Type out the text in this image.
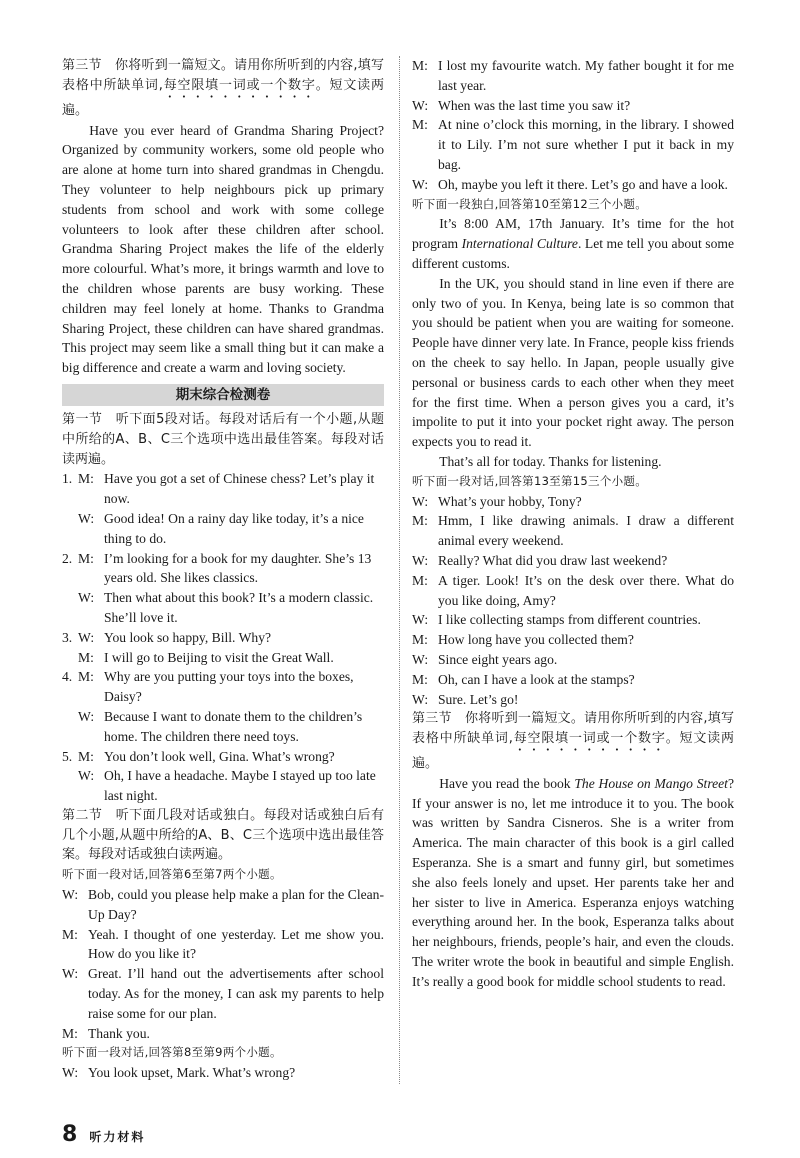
第三节　你将听到一篇短文。请用你所听到的内容,填写表格中所缺单词,每空限填一词或一个数字。短文读两遍。

Have you ever heard of Grandma Sharing Project? Organized by community workers, some old people who are alone at home turn into shared grandmas in Chengdu. They volunteer to help neighbours pick up primary students from school and work with some college volunteers to look after these children after school. Grandma Sharing Project makes the life of the elderly more colourful. What’s more, it brings warmth and love to the children whose parents are busy working. These children may feel lonely at home. Thanks to Grandma Sharing Project, these children can have shared grandmas. This project may seem like a small thing but it can make a big difference and create a warm and loving society.

期末综合检测卷

第一节　听下面5段对话。每段对话后有一个小题,从题中所给的A、B、C三个选项中选出最佳答案。每段对话读两遍。

1. M: Have you got a set of Chinese chess? Let’s play it now.
W: Good idea! On a rainy day like today, it’s a nice thing to do.
2. M: I’m looking for a book for my daughter. She’s 13 years old. She likes classics.
W: Then what about this book? It’s a modern classic. She’ll love it.
3. W: You look so happy, Bill. Why?
M: I will go to Beijing to visit the Great Wall.
4. M: Why are you putting your toys into the boxes, Daisy?
W: Because I want to donate them to the children’s home. The children there need toys.
5. M: You don’t look well, Gina. What’s wrong?
W: Oh, I have a headache. Maybe I stayed up too late last night.

第二节　听下面几段对话或独白。每段对话或独白后有几个小题,从题中所给的A、B、C三个选项中选出最佳答案。每段对话或独白读两遍。

听下面一段对话,回答第6至第7两个小题。

W: Bob, could you please help make a plan for the Clean-Up Day?
M: Yeah. I thought of one yesterday. Let me show you. How do you like it?
W: Great. I’ll hand out the advertisements after school today. As for the money, I can ask my parents to help raise some for our plan.
M: Thank you.

听下面一段对话,回答第8至第9两个小题。

W: You look upset, Mark. What’s wrong?
M: I lost my favourite watch. My father bought it for me last year.
W: When was the last time you saw it?
M: At nine o’clock this morning, in the library. I showed it to Lily. I’m not sure whether I put it back in my bag.
W: Oh, maybe you left it there. Let’s go and have a look.

听下面一段独白,回答第10至第12三个小题。

It’s 8:00 AM, 17th January. It’s time for the hot program International Culture. Let me tell you about some different customs.

In the UK, you should stand in line even if there are only two of you. In Kenya, being late is so common that you should be patient when you are waiting for someone. People have dinner very late. In France, people kiss friends on the cheek to say hello. In Japan, people usually give personal or business cards to each other when they meet for the first time. When a person gives you a card, it’s impolite to put it into your pocket right away. The person expects you to read it.

That’s all for today. Thanks for listening.

听下面一段对话,回答第13至第15三个小题。

W: What’s your hobby, Tony?
M: Hmm, I like drawing animals. I draw a different animal every weekend.
W: Really? What did you draw last weekend?
M: A tiger. Look! It’s on the desk over there. What do you like doing, Amy?
W: I like collecting stamps from different countries.
M: How long have you collected them?
W: Since eight years ago.
M: Oh, can I have a look at the stamps?
W: Sure. Let’s go!

第三节　你将听到一篇短文。请用你所听到的内容,填写表格中所缺单词,每空限填一词或一个数字。短文读两遍。

Have you read the book The House on Mango Street? If your answer is no, let me introduce it to you. The book was written by Sandra Cisneros. She is a writer from America. The main character of this book is a girl called Esperanza. She is a smart and funny girl, but sometimes she also feels lonely and upset. Her parents take her and her sister to live in America. Esperanza enjoys watching everything around her. In the book, Esperanza talks about her neighbours, friends, people’s hair, and even the clouds. The writer wrote the book in beautiful and simple English. It’s really a good book for middle school students to read.

8 听力材料
